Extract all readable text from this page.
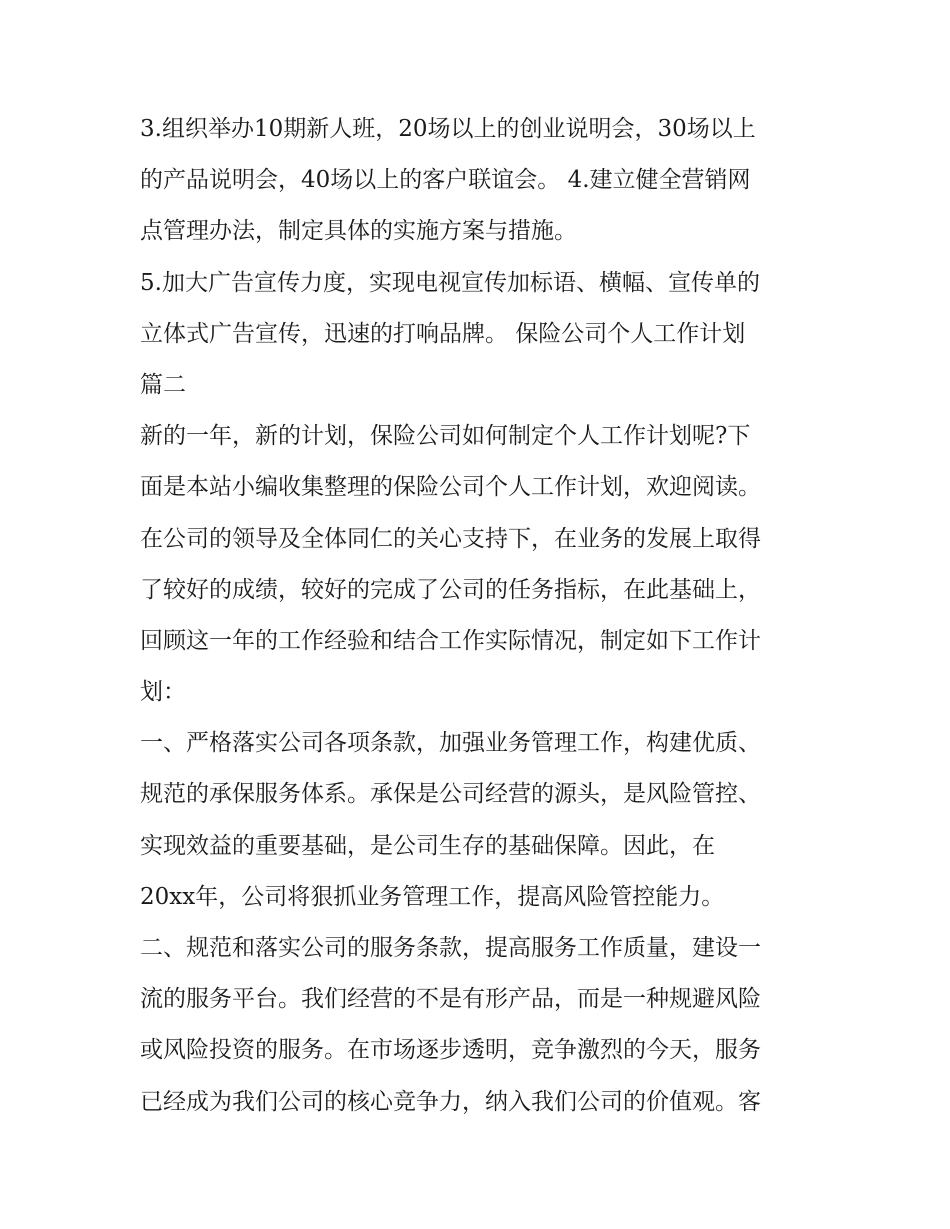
3.组织举办10期新人班，20场以上的创业说明会，30场以上
的产品说明会，40场以上的客户联谊会。 4.建立健全营销网
点管理办法，制定具体的实施方案与措施。
5.加大广告宣传力度，实现电视宣传加标语、横幅、宣传单的
立体式广告宣传，迅速的打响品牌。 保险公司个人工作计划
篇二
新的一年，新的计划，保险公司如何制定个人工作计划呢?下
面是本站小编收集整理的保险公司个人工作计划，欢迎阅读。
在公司的领导及全体同仁的关心支持下，在业务的发展上取得
了较好的成绩，较好的完成了公司的任务指标，在此基础上，
回顾这一年的工作经验和结合工作实际情况，制定如下工作计
划：
一、严格落实公司各项条款，加强业务管理工作，构建优质、
规范的承保服务体系。承保是公司经营的源头，是风险管控、
实现效益的重要基础，是公司生存的基础保障。因此，在
20xx年，公司将狠抓业务管理工作，提高风险管控能力。
二、规范和落实公司的服务条款，提高服务工作质量，建设一
流的服务平台。我们经营的不是有形产品，而是一种规避风险
或风险投资的服务。在市场逐步透明，竞争激烈的今天，服务
已经成为我们公司的核心竞争力，纳入我们公司的价值观。客
